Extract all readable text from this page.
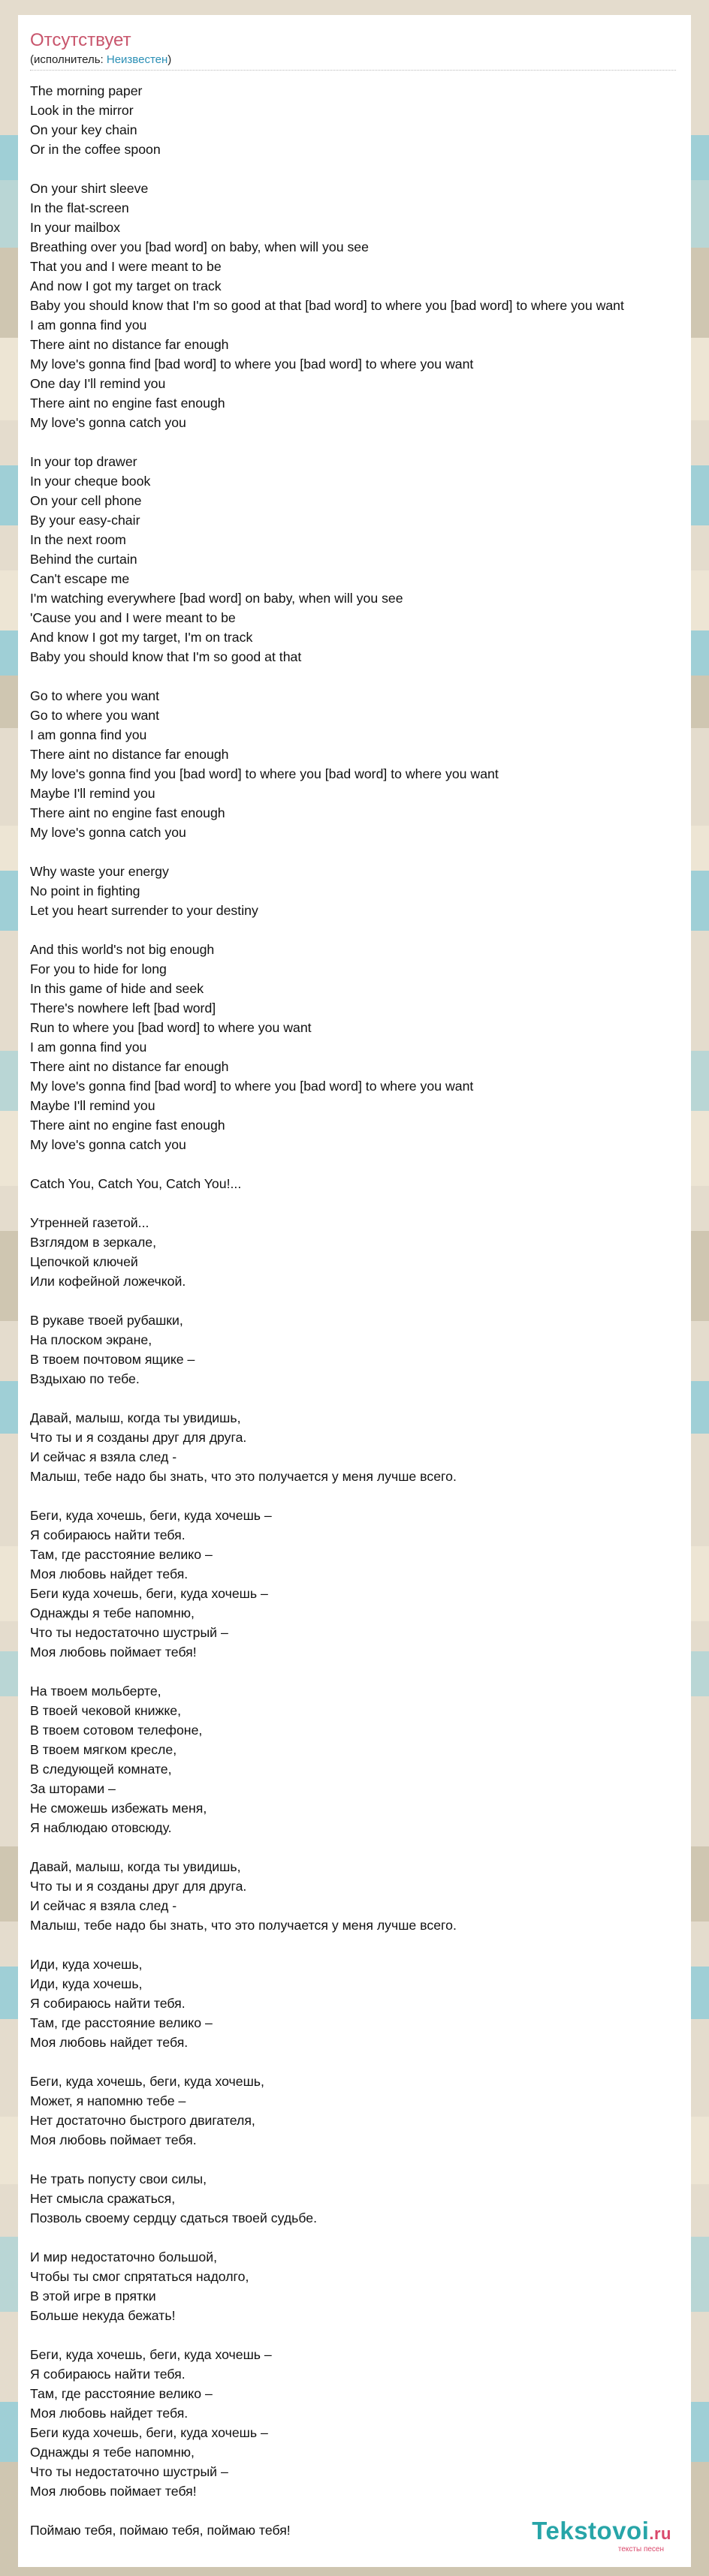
Отсутствует
(исполнитель: Неизвестен)
The morning paper
Look in the mirror
On your key chain
Or in the coffee spoon
On your shirt sleeve
In the flat-screen
In your mailbox
Breathing over you [bad word] on baby, when will you see
That you and I were meant to be
And now I got my target on track
Baby you should know that I'm so good at that [bad word] to where you [bad word] to where you want
I am gonna find you
There aint no distance far enough
My love's gonna find [bad word] to where you [bad word] to where you want
One day I'll remind you
There aint no engine fast enough
My love's gonna catch you
In your top drawer
In your cheque book
On your cell phone
By your easy-chair
In the next room
Behind the curtain
Can't escape me
I'm watching everywhere [bad word] on baby, when will you see
'Cause you and I were meant to be
And know I got my target, I'm on track
Baby you should know that I'm so good at that
Go to where you want
Go to where you want
I am gonna find you
There aint no distance far enough
My love's gonna find you [bad word] to where you [bad word] to where you want
Maybe I'll remind you
There aint no engine fast enough
My love's gonna catch you
Why waste your energy
No point in fighting
Let you heart surrender to your destiny
And this world's not big enough
For you to hide for long
In this game of hide and seek
There's nowhere left [bad word]
Run to where you [bad word] to where you want
I am gonna find you
There aint no distance far enough
My love's gonna find [bad word] to where you [bad word] to where you want
Maybe I'll remind you
There aint no engine fast enough
My love's gonna catch you
Catch You, Catch You, Catch You!...
Утренней газетой...
Взглядом в зеркале,
Цепочкой ключей
Или кофейной ложечкой.
В рукаве твоей рубашки,
На плоском экране,
В твоем почтовом ящике –
Вздыхаю по тебе.
Давай, малыш, когда ты увидишь,
Что ты и я созданы друг для друга.
И сейчас я взяла след -
Малыш, тебе надо бы знать, что это получается у меня лучше всего.
Беги, куда хочешь, беги, куда хочешь –
Я собираюсь найти тебя.
Там, где расстояние велико –
Моя любовь найдет тебя.
Беги куда хочешь, беги, куда хочешь –
Однажды я тебе напомню,
Что ты недостаточно шустрый –
Моя любовь поймает тебя!
На твоем мольберте,
В твоей чековой книжке,
В твоем сотовом телефоне,
В твоем мягком кресле,
В следующей комнате,
За шторами –
Не сможешь избежать меня,
Я наблюдаю отовсюду.
Давай, малыш, когда ты увидишь,
Что ты и я созданы друг для друга.
И сейчас я взяла след -
Малыш, тебе надо бы знать, что это получается у меня лучше всего.
Иди, куда хочешь,
Иди, куда хочешь,
Я собираюсь найти тебя.
Там, где расстояние велико –
Моя любовь найдет тебя.
Беги, куда хочешь, беги, куда хочешь,
Может, я напомню тебе –
Нет достаточно быстрого двигателя,
Моя любовь поймает тебя.
Не трать попусту свои силы,
Нет смысла сражаться,
Позволь своему сердцу сдаться твоей судьбе.
И мир недостаточно большой,
Чтобы ты смог спрятаться надолго,
В этой игре в прятки
Больше некуда бежать!
Беги, куда хочешь, беги, куда хочешь –
Я собираюсь найти тебя.
Там, где расстояние велико –
Моя любовь найдет тебя.
Беги куда хочешь, беги, куда хочешь –
Однажды я тебе напомню,
Что ты недостаточно шустрый –
Моя любовь поймает тебя!
Поймаю тебя, поймаю тебя, поймаю тебя!	Tekstovoi.ru
тексты песен
